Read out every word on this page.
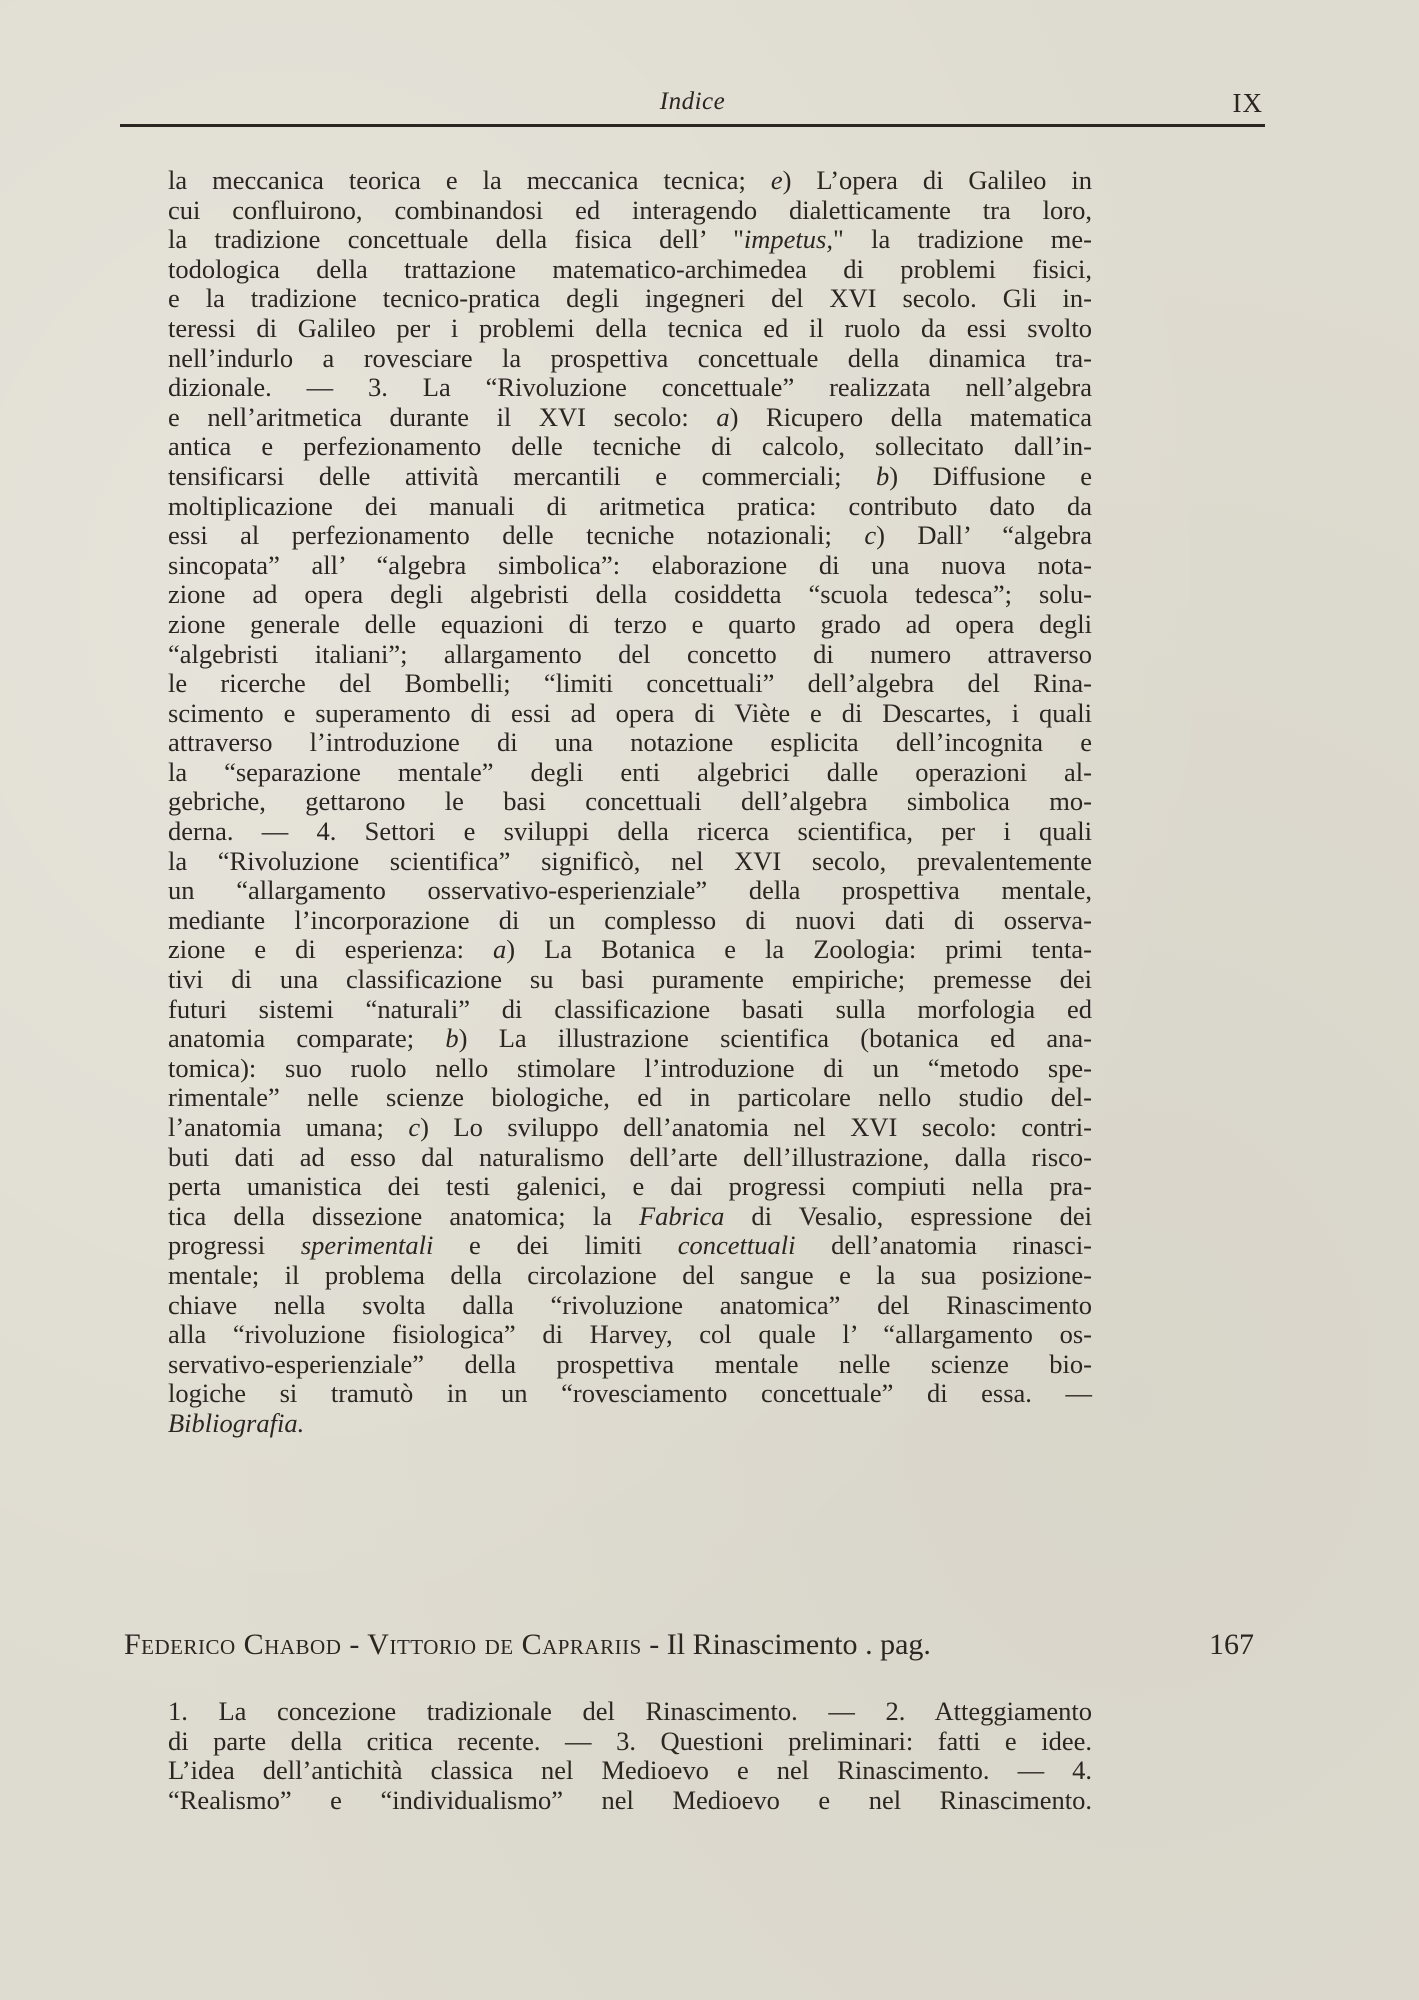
Indice	IX
la meccanica teorica e la meccanica tecnica; e) L’opera di Galileo in
cui confluirono, combinandosi ed interagendo dialetticamente tra loro,
la tradizione concettuale della fisica dell’ "impetus," la tradizione me-
todologica della trattazione matematico-archimedea di problemi fisici,
e la tradizione tecnico-pratica degli ingegneri del XVI secolo. Gli in-
teressi di Galileo per i problemi della tecnica ed il ruolo da essi svolto
nell’indurlo a rovesciare la prospettiva concettuale della dinamica tra-
dizionale. — 3. La “Rivoluzione concettuale” realizzata nell’algebra
e nell’aritmetica durante il XVI secolo: a) Ricupero della matematica
antica e perfezionamento delle tecniche di calcolo, sollecitato dall’in-
tensificarsi delle attività mercantili e commerciali; b) Diffusione e
moltiplicazione dei manuali di aritmetica pratica: contributo dato da
essi al perfezionamento delle tecniche notazionali; c) Dall’ “algebra
sincopata” all’ “algebra simbolica”: elaborazione di una nuova nota-
zione ad opera degli algebristi della cosiddetta “scuola tedesca”; solu-
zione generale delle equazioni di terzo e quarto grado ad opera degli
“algebristi italiani”; allargamento del concetto di numero attraverso
le ricerche del Bombelli; “limiti concettuali” dell’algebra del Rina-
scimento e superamento di essi ad opera di Viète e di Descartes, i quali
attraverso l’introduzione di una notazione esplicita dell’incognita e
la “separazione mentale” degli enti algebrici dalle operazioni al-
gebriche, gettarono le basi concettuali dell’algebra simbolica mo-
derna. — 4. Settori e sviluppi della ricerca scientifica, per i quali
la “Rivoluzione scientifica” significò, nel XVI secolo, prevalentemente
un “allargamento osservativo-esperienziale” della prospettiva mentale,
mediante l’incorporazione di un complesso di nuovi dati di osserva-
zione e di esperienza: a) La Botanica e la Zoologia: primi tenta-
tivi di una classificazione su basi puramente empiriche; premesse dei
futuri sistemi “naturali” di classificazione basati sulla morfologia ed
anatomia comparate; b) La illustrazione scientifica (botanica ed ana-
tomica): suo ruolo nello stimolare l’introduzione di un “metodo spe-
rimentale” nelle scienze biologiche, ed in particolare nello studio del-
l’anatomia umana; c) Lo sviluppo dell’anatomia nel XVI secolo: contri-
buti dati ad esso dal naturalismo dell’arte dell’illustrazione, dalla risco-
perta umanistica dei testi galenici, e dai progressi compiuti nella pra-
tica della dissezione anatomica; la Fabrica di Vesalio, espressione dei
progressi sperimentali e dei limiti concettuali dell’anatomia rinasci-
mentale; il problema della circolazione del sangue e la sua posizione-
chiave nella svolta dalla “rivoluzione anatomica” del Rinascimento
alla “rivoluzione fisiologica” di Harvey, col quale l’ “allargamento os-
servativo-esperienziale” della prospettiva mentale nelle scienze bio-
logiche si tramutò in un “rovesciamento concettuale” di essa. —
Bibliografia.
Federico Chabod - Vittorio de Caprariis - Il Rinascimento . pag.	167
1. La concezione tradizionale del Rinascimento. — 2. Atteggiamento
di parte della critica recente. — 3. Questioni preliminari: fatti e idee.
L’idea dell’antichità classica nel Medioevo e nel Rinascimento. — 4.
“Realismo” e “individualismo” nel Medioevo e nel Rinascimento.
